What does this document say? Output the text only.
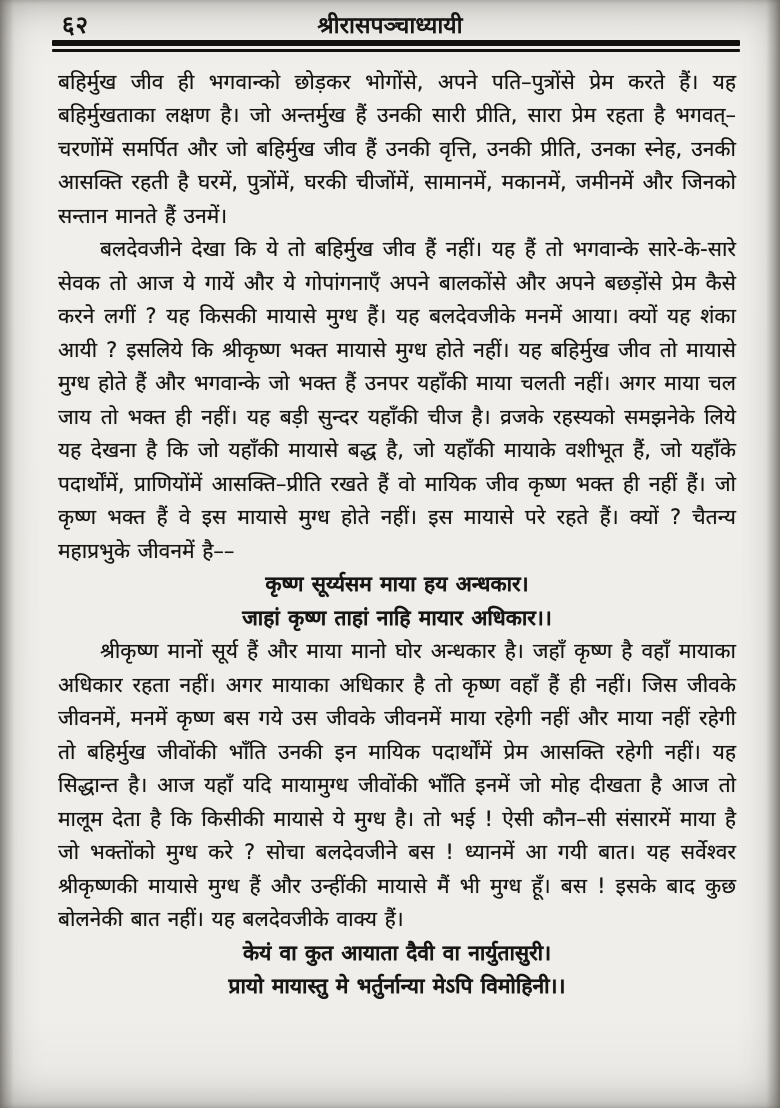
६२	श्रीरासपञ्चाध्यायी

बहिर्मुख जीव ही भगवान्को छोड़कर भोगोंसे, अपने पति–पुत्रोंसे प्रेम करते हैं। यह बहिर्मुखताका लक्षण है। जो अन्तर्मुख हैं उनकी सारी प्रीति, सारा प्रेम रहता है भगवत्–चरणोंमें समर्पित और जो बहिर्मुख जीव हैं उनकी वृत्ति, उनकी प्रीति, उनका स्नेह, उनकी आसक्ति रहती है घरमें, पुत्रोंमें, घरकी चीजोंमें, सामानमें, मकानमें, जमीनमें और जिनको सन्तान मानते हैं उनमें।

बलदेवजीने देखा कि ये तो बहिर्मुख जीव हैं नहीं। यह हैं तो भगवान्के सारे-के-सारे सेवक तो आज ये गायें और ये गोपांगनाएँ अपने बालकोंसे और अपने बछड़ोंसे प्रेम कैसे करने लगीं ? यह किसकी मायासे मुग्ध हैं। यह बलदेवजीके मनमें आया। क्यों यह शंका आयी ? इसलिये कि श्रीकृष्ण भक्त मायासे मुग्ध होते नहीं। यह बहिर्मुख जीव तो मायासे मुग्ध होते हैं और भगवान्के जो भक्त हैं उनपर यहाँकी माया चलती नहीं। अगर माया चल जाय तो भक्त ही नहीं। यह बड़ी सुन्दर यहाँकी चीज है। व्रजके रहस्यको समझनेके लिये यह देखना है कि जो यहाँकी मायासे बद्ध है, जो यहाँकी मायाके वशीभूत हैं, जो यहाँके पदार्थोंमें, प्राणियोंमें आसक्ति–प्रीति रखते हैं वो मायिक जीव कृष्ण भक्त ही नहीं हैं। जो कृष्ण भक्त हैं वे इस मायासे मुग्ध होते नहीं। इस मायासे परे रहते हैं। क्यों ? चैतन्य महाप्रभुके जीवनमें है––

कृष्ण सूर्य्यसम माया हय अन्धकार।

जाहां कृष्ण ताहां नाहि मायार अधिकार।।

श्रीकृष्ण मानों सूर्य हैं और माया मानो घोर अन्धकार है। जहाँ कृष्ण है वहाँ मायाका अधिकार रहता नहीं। अगर मायाका अधिकार है तो कृष्ण वहाँ हैं ही नहीं। जिस जीवके जीवनमें, मनमें कृष्ण बस गये उस जीवके जीवनमें माया रहेगी नहीं और माया नहीं रहेगी तो बहिर्मुख जीवोंकी भाँति उनकी इन मायिक पदार्थोंमें प्रेम आसक्ति रहेगी नहीं। यह सिद्धान्त है। आज यहाँ यदि मायामुग्ध जीवोंकी भाँति इनमें जो मोह दीखता है आज तो मालूम देता है कि किसीकी मायासे ये मुग्ध है। तो भई ! ऐसी कौन–सी संसारमें माया है जो भक्तोंको मुग्ध करे ? सोचा बलदेवजीने बस ! ध्यानमें आ गयी बात। यह सर्वेश्वर श्रीकृष्णकी मायासे मुग्ध हैं और उन्हींकी मायासे मैं भी मुग्ध हूँ। बस ! इसके बाद कुछ बोलनेकी बात नहीं। यह बलदेवजीके वाक्य हैं।

केयं वा कुत आयाता दैवी वा नार्युतासुरी।

प्रायो मायास्तु मे भर्तुर्नान्या मेऽपि विमोहिनी।।
